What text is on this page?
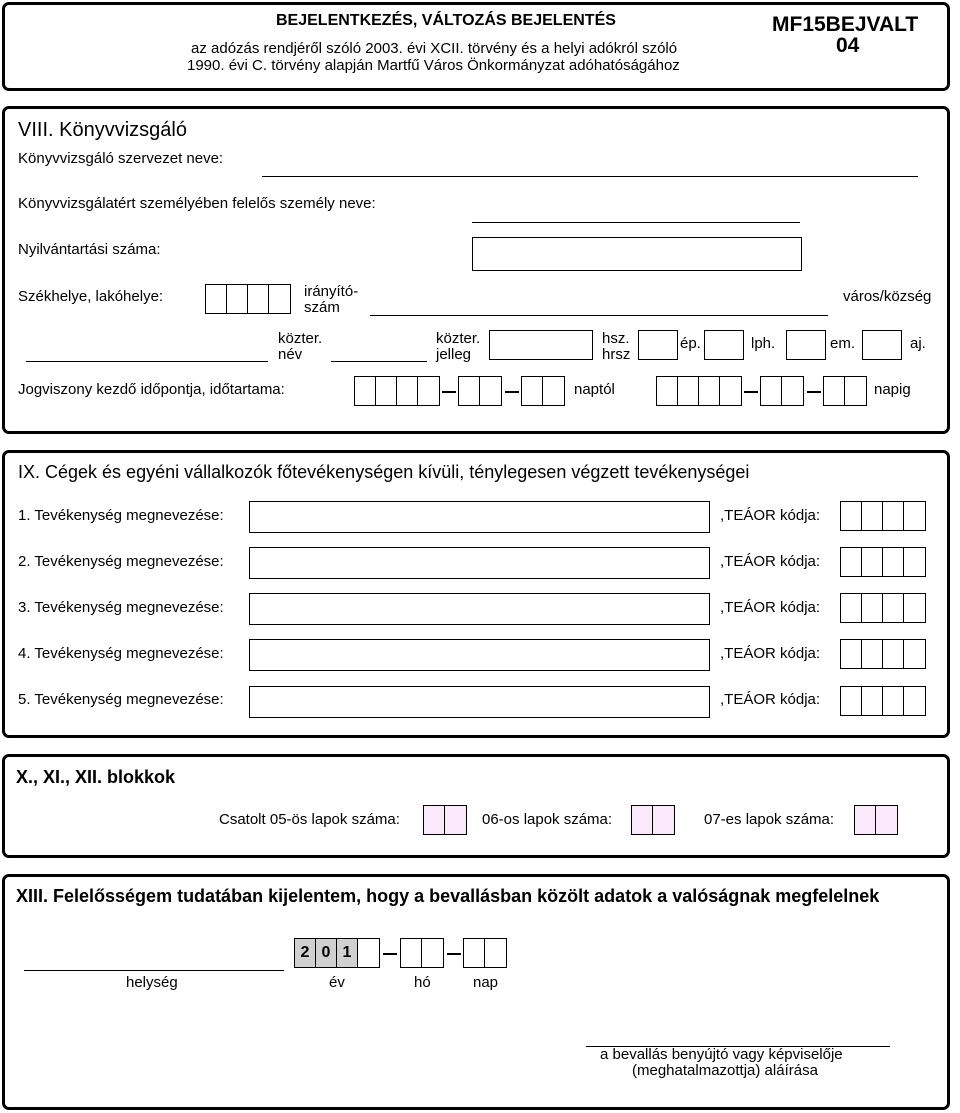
BEJELENTKEZÉS, VÁLTOZÁS BEJELENTÉS
az adózás rendjéről szóló 2003. évi XCII. törvény és a helyi adókról szóló
1990. évi C. törvény alapján Martfű Város Önkormányzat adóhatóságához
MF15BEJVALT
04
VIII. Könyvvizsgáló
Könyvvizsgáló szervezet neve:
Könyvvizsgálatért személyében felelős személy neve:
Nyilvántartási száma:
Székhelye, lakóhelye:	irányító-
szám
város/község
közter.
név
közter.
jelleg
hsz.
hrsz
ép.	lph.	em.	aj.
Jogviszony kezdő időpontja, időtartama:	naptól	napig
IX. Cégek és egyéni vállalkozók főtevékenységen kívüli, ténylegesen végzett tevékenységei
1. Tevékenység megnevezése:	,TEÁOR kódja:
2. Tevékenység megnevezése:	,TEÁOR kódja:
3. Tevékenység megnevezése:	,TEÁOR kódja:
4. Tevékenység megnevezése:	,TEÁOR kódja:
5. Tevékenység megnevezése:	,TEÁOR kódja:
X., XI., XII. blokkok
Csatolt 05-ös lapok száma:	06-os lapok száma:	07-es lapok száma:
XIII. Felelősségem tudatában kijelentem, hogy a bevallásban közölt adatok a valóságnak megfelelnek
helység
2 0 1
év	hó	nap
a bevallás benyújtó vagy képviselője
(meghatalmazottja) aláírása
